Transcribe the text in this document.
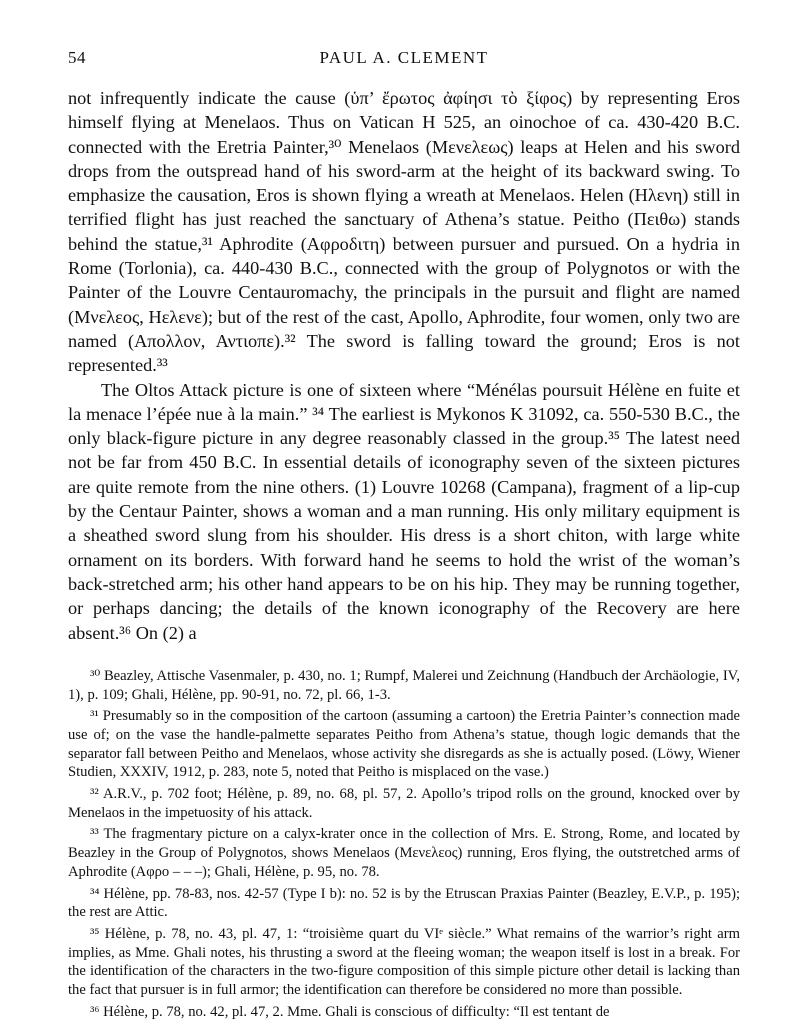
54	PAUL A. CLEMENT

not infrequently indicate the cause (ὑπ’ ἔρωτος ἀφίησι τὸ ξίφος) by representing Eros himself flying at Menelaos. Thus on Vatican H 525, an oinochoe of ca. 430-420 B.C. connected with the Eretria Painter,³⁰ Menelaos (Μενελεως) leaps at Helen and his sword drops from the outspread hand of his sword-arm at the height of its backward swing. To emphasize the causation, Eros is shown flying a wreath at Menelaos. Helen (Ηλενη) still in terrified flight has just reached the sanctuary of Athena’s statue. Peitho (Πειθω) stands behind the statue,³¹ Aphrodite (Αφροδιτη) between pursuer and pursued. On a hydria in Rome (Torlonia), ca. 440-430 B.C., connected with the group of Polygnotos or with the Painter of the Louvre Centauromachy, the principals in the pursuit and flight are named (Μνελεος, Ηελενε); but of the rest of the cast, Apollo, Aphrodite, four women, only two are named (Απολλον, Αντιοπε).³² The sword is falling toward the ground; Eros is not represented.³³

The Oltos Attack picture is one of sixteen where “Ménélas poursuit Hélène en fuite et la menace l’épée nue à la main.” ³⁴ The earliest is Mykonos K 31092, ca. 550-530 B.C., the only black-figure picture in any degree reasonably classed in the group.³⁵ The latest need not be far from 450 B.C. In essential details of iconography seven of the sixteen pictures are quite remote from the nine others. (1) Louvre 10268 (Campana), fragment of a lip-cup by the Centaur Painter, shows a woman and a man running. His only military equipment is a sheathed sword slung from his shoulder. His dress is a short chiton, with large white ornament on its borders. With forward hand he seems to hold the wrist of the woman’s back-stretched arm; his other hand appears to be on his hip. They may be running together, or perhaps dancing; the details of the known iconography of the Recovery are here absent.³⁶ On (2) a

³⁰ Beazley, Attische Vasenmaler, p. 430, no. 1; Rumpf, Malerei und Zeichnung (Handbuch der Archäologie, IV, 1), p. 109; Ghali, Hélène, pp. 90-91, no. 72, pl. 66, 1-3.

³¹ Presumably so in the composition of the cartoon (assuming a cartoon) the Eretria Painter’s connection made use of; on the vase the handle-palmette separates Peitho from Athena’s statue, though logic demands that the separator fall between Peitho and Menelaos, whose activity she disregards as she is actually posed. (Löwy, Wiener Studien, XXXIV, 1912, p. 283, note 5, noted that Peitho is misplaced on the vase.)

³² A.R.V., p. 702 foot; Hélène, p. 89, no. 68, pl. 57, 2. Apollo’s tripod rolls on the ground, knocked over by Menelaos in the impetuosity of his attack.

³³ The fragmentary picture on a calyx-krater once in the collection of Mrs. E. Strong, Rome, and located by Beazley in the Group of Polygnotos, shows Menelaos (Μενελεος) running, Eros flying, the outstretched arms of Aphrodite (Αφρο – – –); Ghali, Hélène, p. 95, no. 78.

³⁴ Hélène, pp. 78-83, nos. 42-57 (Type I b): no. 52 is by the Etruscan Praxias Painter (Beazley, E.V.P., p. 195); the rest are Attic.

³⁵ Hélène, p. 78, no. 43, pl. 47, 1: “troisième quart du VIᵉ siècle.” What remains of the warrior’s right arm implies, as Mme. Ghali notes, his thrusting a sword at the fleeing woman; the weapon itself is lost in a break. For the identification of the characters in the two-figure composition of this simple picture other detail is lacking than the fact that pursuer is in full armor; the identification can therefore be considered no more than possible.

³⁶ Hélène, p. 78, no. 42, pl. 47, 2. Mme. Ghali is conscious of difficulty: “Il est tentant de
